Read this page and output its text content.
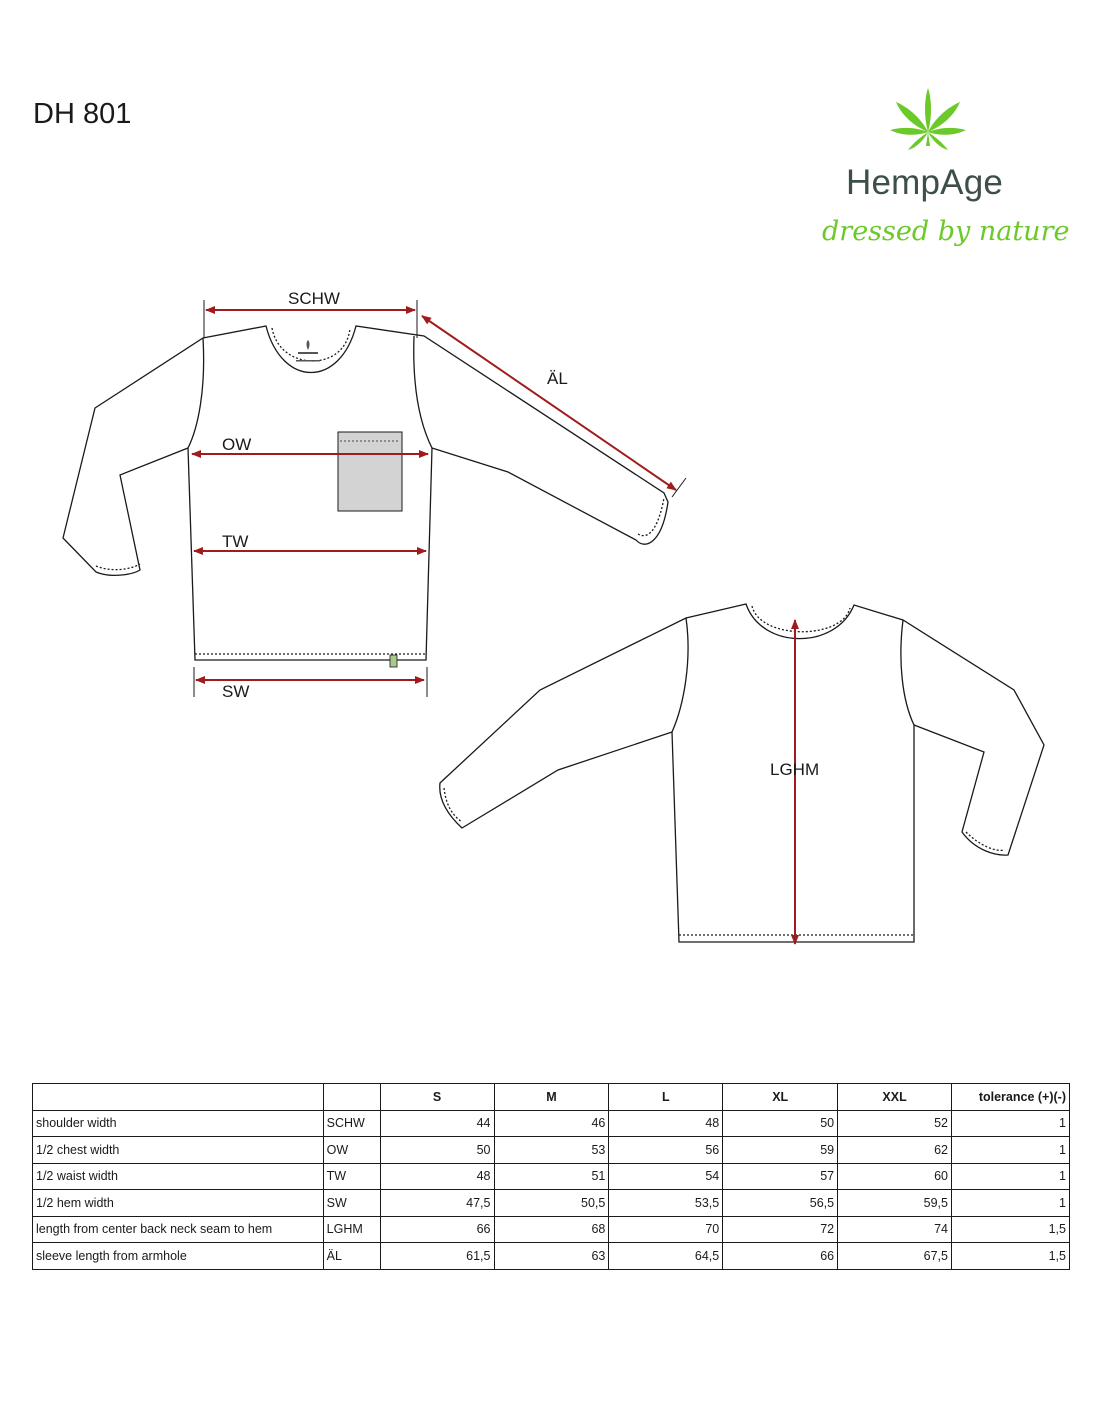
DH 801
HempAge
dressed by nature
SCHW
ÄL
OW
TW
SW
LGHM
		S	M	L	XL	XXL	tolerance (+)(-)
shoulder width	SCHW	44	46	48	50	52	1
1/2 chest width	OW	50	53	56	59	62	1
1/2 waist width	TW	48	51	54	57	60	1
1/2 hem width	SW	47,5	50,5	53,5	56,5	59,5	1
length from center back neck seam to hem	LGHM	66	68	70	72	74	1,5
sleeve length from armhole	ÄL	61,5	63	64,5	66	67,5	1,5
